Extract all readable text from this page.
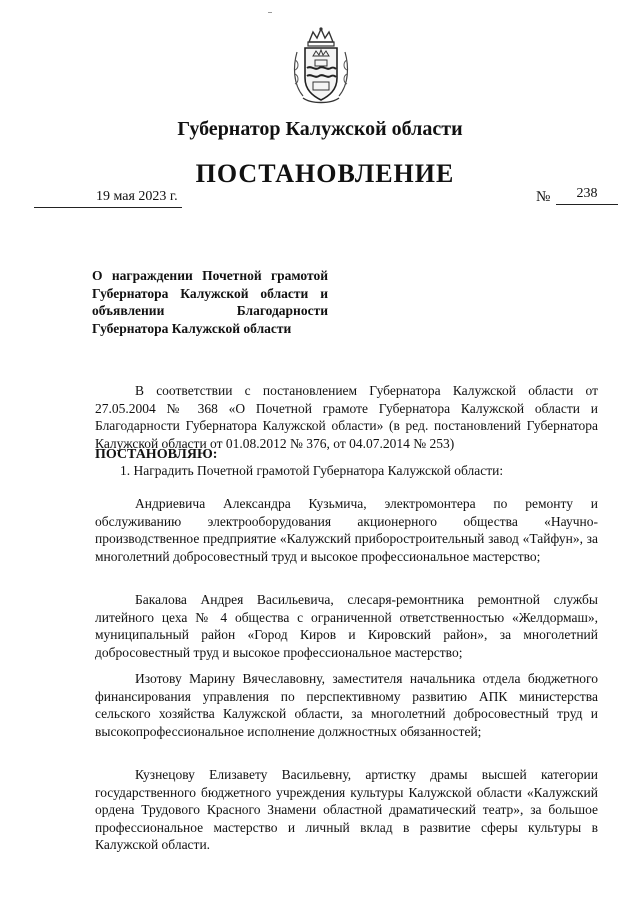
Губернатор Калужской области
ПОСТАНОВЛЕНИЕ
19 мая 2023 г.	№	238
О награждении Почетной грамотой Губернатора Калужской области и объявлении Благодарности Губернатора Калужской области

В соответствии с постановлением Губернатора Калужской области от 27.05.2004 № 368 «О Почетной грамоте Губернатора Калужской области и Благодарности Губернатора Калужской области» (в ред. постановлений Губернатора Калужской области от 01.08.2012 № 376, от 04.07.2014 № 253)

ПОСТАНОВЛЯЮ:
1. Наградить Почетной грамотой Губернатора Калужской области:

Андриевича Александра Кузьмича, электромонтера по ремонту и обслуживанию электрооборудования акционерного общества «Научно-производственное предприятие «Калужский приборостроительный завод «Тайфун», за многолетний добросовестный труд и высокое профессиональное мастерство;

Бакалова Андрея Васильевича, слесаря-ремонтника ремонтной службы литейного цеха № 4 общества с ограниченной ответственностью «Желдормаш», муниципальный район «Город Киров и Кировский район», за многолетний добросовестный труд и высокое профессиональное мастерство;

Изотову Марину Вячеславовну, заместителя начальника отдела бюджетного финансирования управления по перспективному развитию АПК министерства сельского хозяйства Калужской области, за многолетний добросовестный труд и высокопрофессиональное исполнение должностных обязанностей;

Кузнецову Елизавету Васильевну, артистку драмы высшей категории государственного бюджетного учреждения культуры Калужской области «Калужский ордена Трудового Красного Знамени областной драматический театр», за большое профессиональное мастерство и личный вклад в развитие сферы культуры в Калужской области.
